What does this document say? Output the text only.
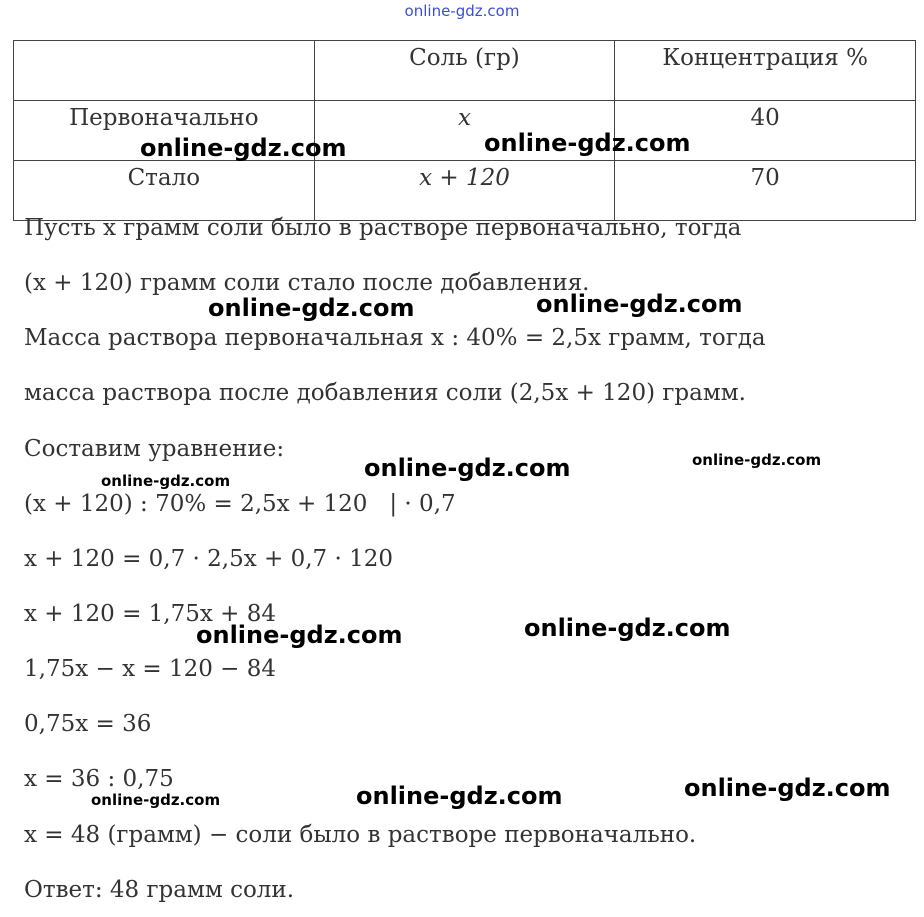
online-gdz.com
	Соль (гр)	Концентрация %
Первоначально	x	40
Стало	x + 120	70
Пусть x грамм соли было в растворе первоначально, тогда
(x + 120) грамм соли стало после добавления.
Масса раствора первоначальная x : 40% = 2,5x грамм, тогда
масса раствора после добавления соли (2,5x + 120) грамм.
Составим уравнение:
(x + 120) : 70% = 2,5x + 120   | · 0,7
x + 120 = 0,7 · 2,5x + 0,7 · 120
x + 120 = 1,75x + 84
1,75x − x = 120 − 84
0,75x = 36
x = 36 : 0,75
x = 48 (грамм) − соли было в растворе первоначально.
Ответ: 48 грамм соли.
online-gdz.com	online-gdz.com
online-gdz.com	online-gdz.com
online-gdz.com
online-gdz.com
online-gdz.com
online-gdz.com	online-gdz.com
online-gdz.com	online-gdz.com	online-gdz.com
